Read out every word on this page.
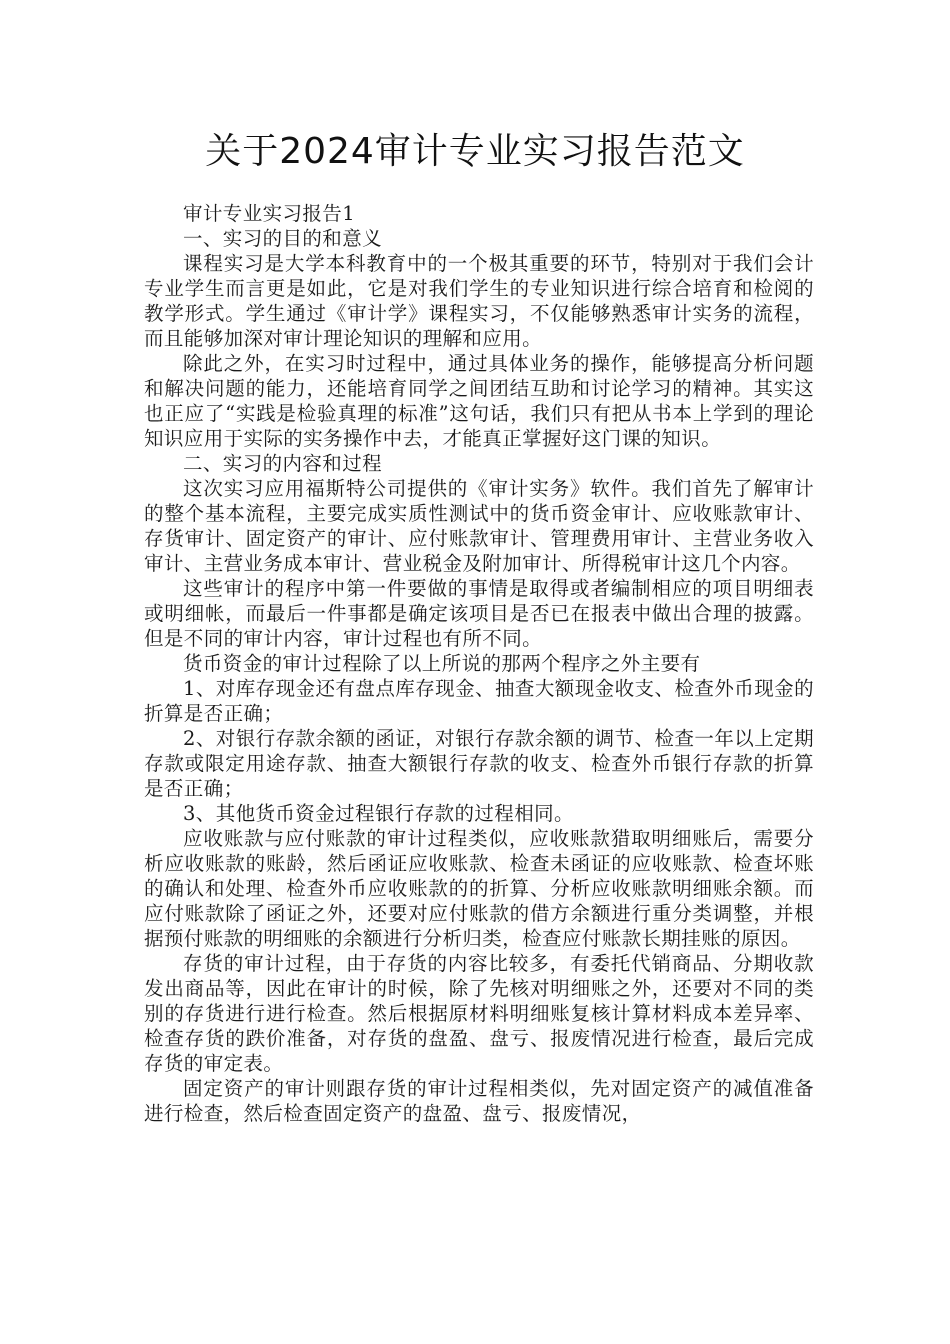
关于2024审计专业实习报告范文

审计专业实习报告1

一、实习的目的和意义

课程实习是大学本科教育中的一个极其重要的环节，特别对于我们会计专业学生而言更是如此，它是对我们学生的专业知识进行综合培育和检阅的教学形式。学生通过《审计学》课程实习，不仅能够熟悉审计实务的流程，而且能够加深对审计理论知识的理解和应用。

除此之外，在实习时过程中，通过具体业务的操作，能够提高分析问题和解决问题的能力，还能培育同学之间团结互助和讨论学习的精神。其实这也正应了“实践是检验真理的标准”这句话，我们只有把从书本上学到的理论知识应用于实际的实务操作中去，才能真正掌握好这门课的知识。

二、实习的内容和过程

这次实习应用福斯特公司提供的《审计实务》软件。我们首先了解审计的整个基本流程，主要完成实质性测试中的货币资金审计、应收账款审计、存货审计、固定资产的审计、应付账款审计、管理费用审计、主营业务收入审计、主营业务成本审计、营业税金及附加审计、所得税审计这几个内容。

这些审计的程序中第一件要做的事情是取得或者编制相应的项目明细表或明细帐，而最后一件事都是确定该项目是否已在报表中做出合理的披露。但是不同的审计内容，审计过程也有所不同。

货币资金的审计过程除了以上所说的那两个程序之外主要有

1、对库存现金还有盘点库存现金、抽查大额现金收支、检查外币现金的折算是否正确；

2、对银行存款余额的函证，对银行存款余额的调节、检查一年以上定期存款或限定用途存款、抽查大额银行存款的收支、检查外币银行存款的折算是否正确；

3、其他货币资金过程银行存款的过程相同。

应收账款与应付账款的审计过程类似，应收账款猎取明细账后，需要分析应收账款的账龄，然后函证应收账款、检查未函证的应收账款、检查坏账的确认和处理、检查外币应收账款的的折算、分析应收账款明细账余额。而应付账款除了函证之外，还要对应付账款的借方余额进行重分类调整，并根据预付账款的明细账的余额进行分析归类，检查应付账款长期挂账的原因。

存货的审计过程，由于存货的内容比较多，有委托代销商品、分期收款发出商品等，因此在审计的时候，除了先核对明细账之外，还要对不同的类别的存货进行进行检查。然后根据原材料明细账复核计算材料成本差异率、检查存货的跌价准备，对存货的盘盈、盘亏、报废情况进行检查，最后完成存货的审定表。

固定资产的审计则跟存货的审计过程相类似，先对固定资产的减值准备进行检查，然后检查固定资产的盘盈、盘亏、报废情况，
